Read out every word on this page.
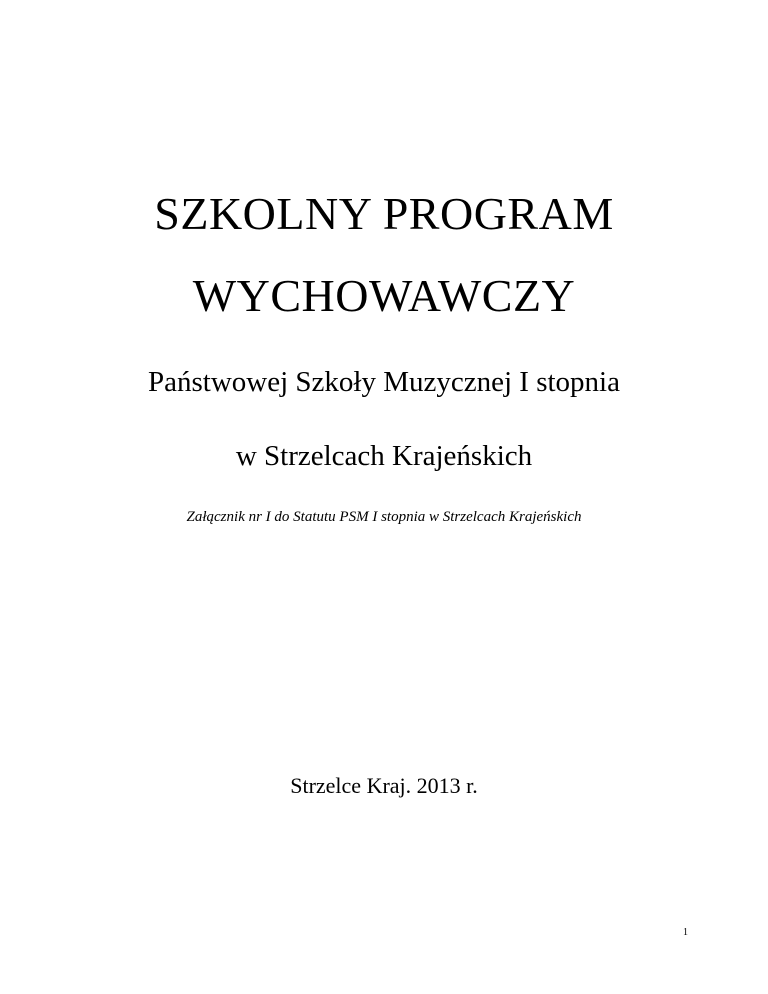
SZKOLNY PROGRAM
WYCHOWAWCZY
Państwowej Szkoły Muzycznej I stopnia
w Strzelcach Krajeńskich
Załącznik nr I do Statutu PSM I stopnia w Strzelcach Krajeńskich
Strzelce Kraj. 2013 r.
1
